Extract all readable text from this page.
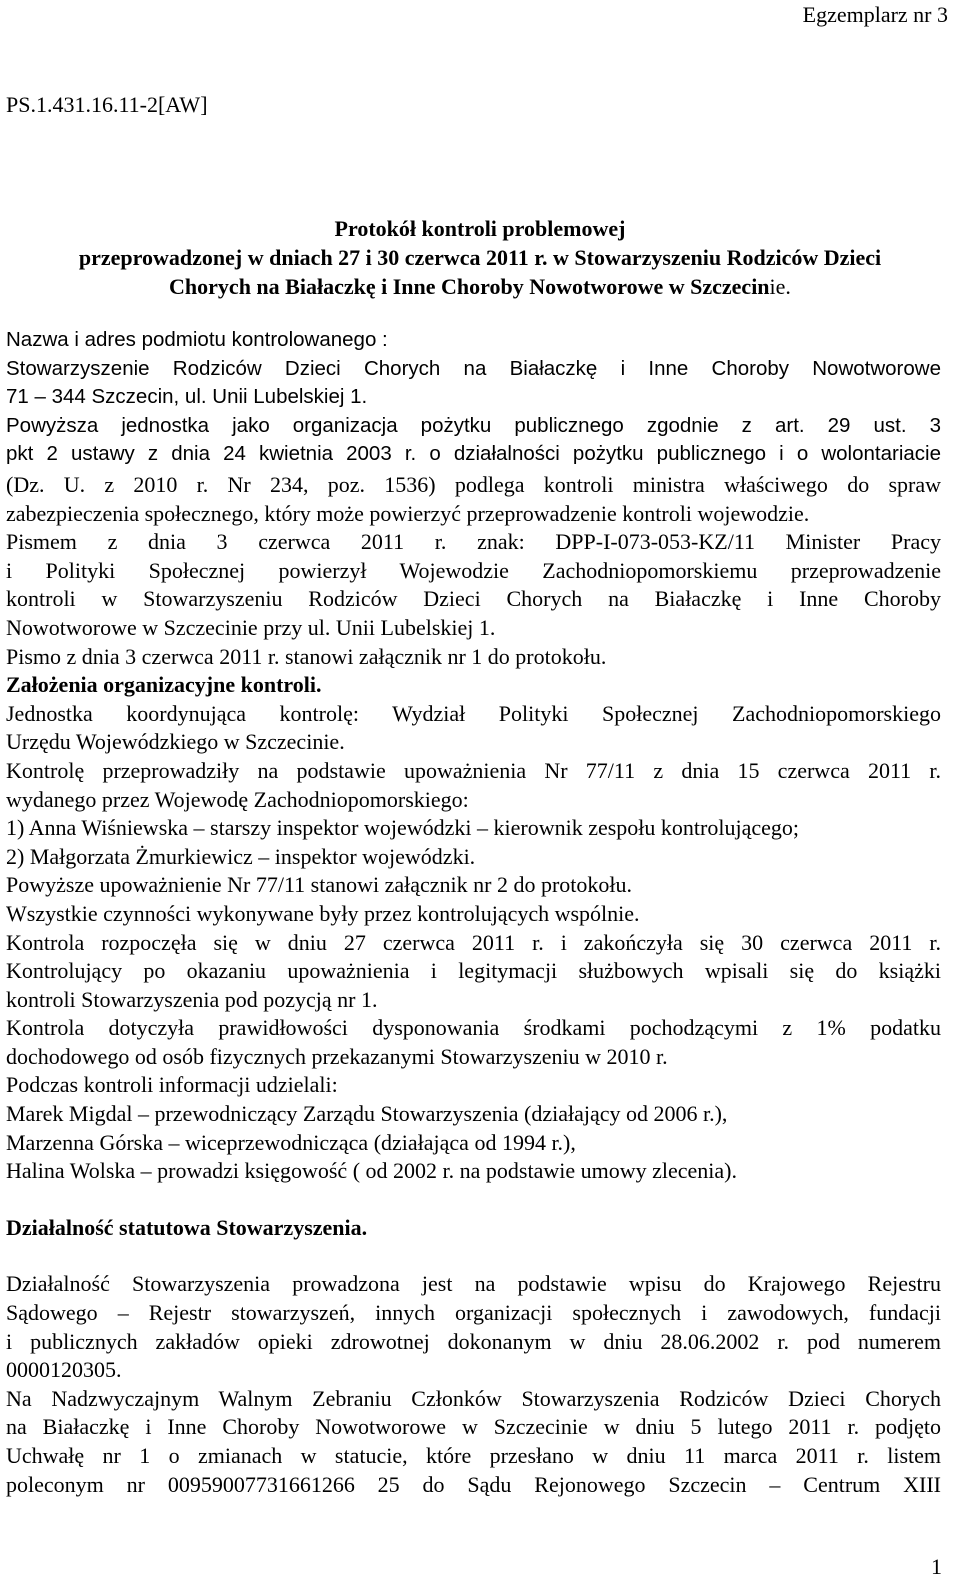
Egzemplarz nr 3
PS.1.431.16.11-2[AW]
Protokół kontroli problemowej
przeprowadzonej w dniach 27 i 30 czerwca 2011 r. w Stowarzyszeniu Rodziców Dzieci
Chorych na Białaczkę i Inne Choroby Nowotworowe w Szczecinie.

Nazwa i adres podmiotu kontrolowanego :

Stowarzyszenie Rodziców Dzieci Chorych na Białaczkę i Inne Choroby Nowotworowe

71 – 344 Szczecin, ul. Unii Lubelskiej 1.

Powyższa jednostka jako organizacja pożytku publicznego zgodnie z art. 29 ust. 3

pkt 2 ustawy z dnia 24 kwietnia 2003 r. o działalności pożytku publicznego i o wolontariacie

(Dz. U. z 2010 r. Nr 234, poz. 1536) podlega kontroli ministra właściwego do spraw

zabezpieczenia społecznego, który może powierzyć przeprowadzenie kontroli wojewodzie.

Pismem z dnia 3 czerwca 2011 r. znak: DPP-I-073-053-KZ/11 Minister Pracy

i Polityki Społecznej powierzył Wojewodzie Zachodniopomorskiemu przeprowadzenie

kontroli w Stowarzyszeniu Rodziców Dzieci Chorych na Białaczkę i Inne Choroby

Nowotworowe w Szczecinie przy ul. Unii Lubelskiej 1.

Pismo z dnia 3 czerwca 2011 r. stanowi załącznik nr 1 do protokołu.

Założenia organizacyjne kontroli.

Jednostka koordynująca kontrolę: Wydział Polityki Społecznej Zachodniopomorskiego

Urzędu Wojewódzkiego w Szczecinie.

Kontrolę przeprowadziły na podstawie upoważnienia Nr 77/11 z dnia 15 czerwca 2011 r.

wydanego przez Wojewodę Zachodniopomorskiego:

1) Anna Wiśniewska – starszy inspektor wojewódzki – kierownik zespołu kontrolującego;

2) Małgorzata Żmurkiewicz – inspektor wojewódzki.

Powyższe upoważnienie Nr 77/11 stanowi załącznik nr 2 do protokołu.

Wszystkie czynności wykonywane były przez kontrolujących wspólnie.

Kontrola rozpoczęła się w dniu 27 czerwca 2011 r. i zakończyła się 30 czerwca 2011 r.

Kontrolujący po okazaniu upoważnienia i legitymacji służbowych wpisali się do książki

kontroli Stowarzyszenia pod pozycją nr 1.

Kontrola dotyczyła prawidłowości dysponowania środkami pochodzącymi z 1% podatku

dochodowego od osób fizycznych przekazanymi Stowarzyszeniu w 2010 r.

Podczas kontroli informacji udzielali:

Marek Migdal – przewodniczący Zarządu Stowarzyszenia (działający od 2006 r.),

Marzenna Górska – wiceprzewodnicząca (działająca od 1994 r.),

Halina Wolska – prowadzi księgowość ( od 2002 r. na podstawie umowy zlecenia).

Działalność statutowa Stowarzyszenia.

Działalność Stowarzyszenia prowadzona jest na podstawie wpisu do Krajowego Rejestru

Sądowego – Rejestr stowarzyszeń, innych organizacji społecznych i zawodowych, fundacji

i publicznych zakładów opieki zdrowotnej dokonanym w dniu 28.06.2002 r. pod numerem

0000120305.

Na Nadzwyczajnym Walnym Zebraniu Członków Stowarzyszenia Rodziców Dzieci Chorych

na Białaczkę i Inne Choroby Nowotworowe w Szczecinie w dniu 5 lutego 2011 r. podjęto

Uchwałę nr 1 o zmianach w statucie, które przesłano w dniu 11 marca 2011 r. listem

poleconym nr 00959007731661266 25 do Sądu Rejonowego Szczecin – Centrum XIII

1
